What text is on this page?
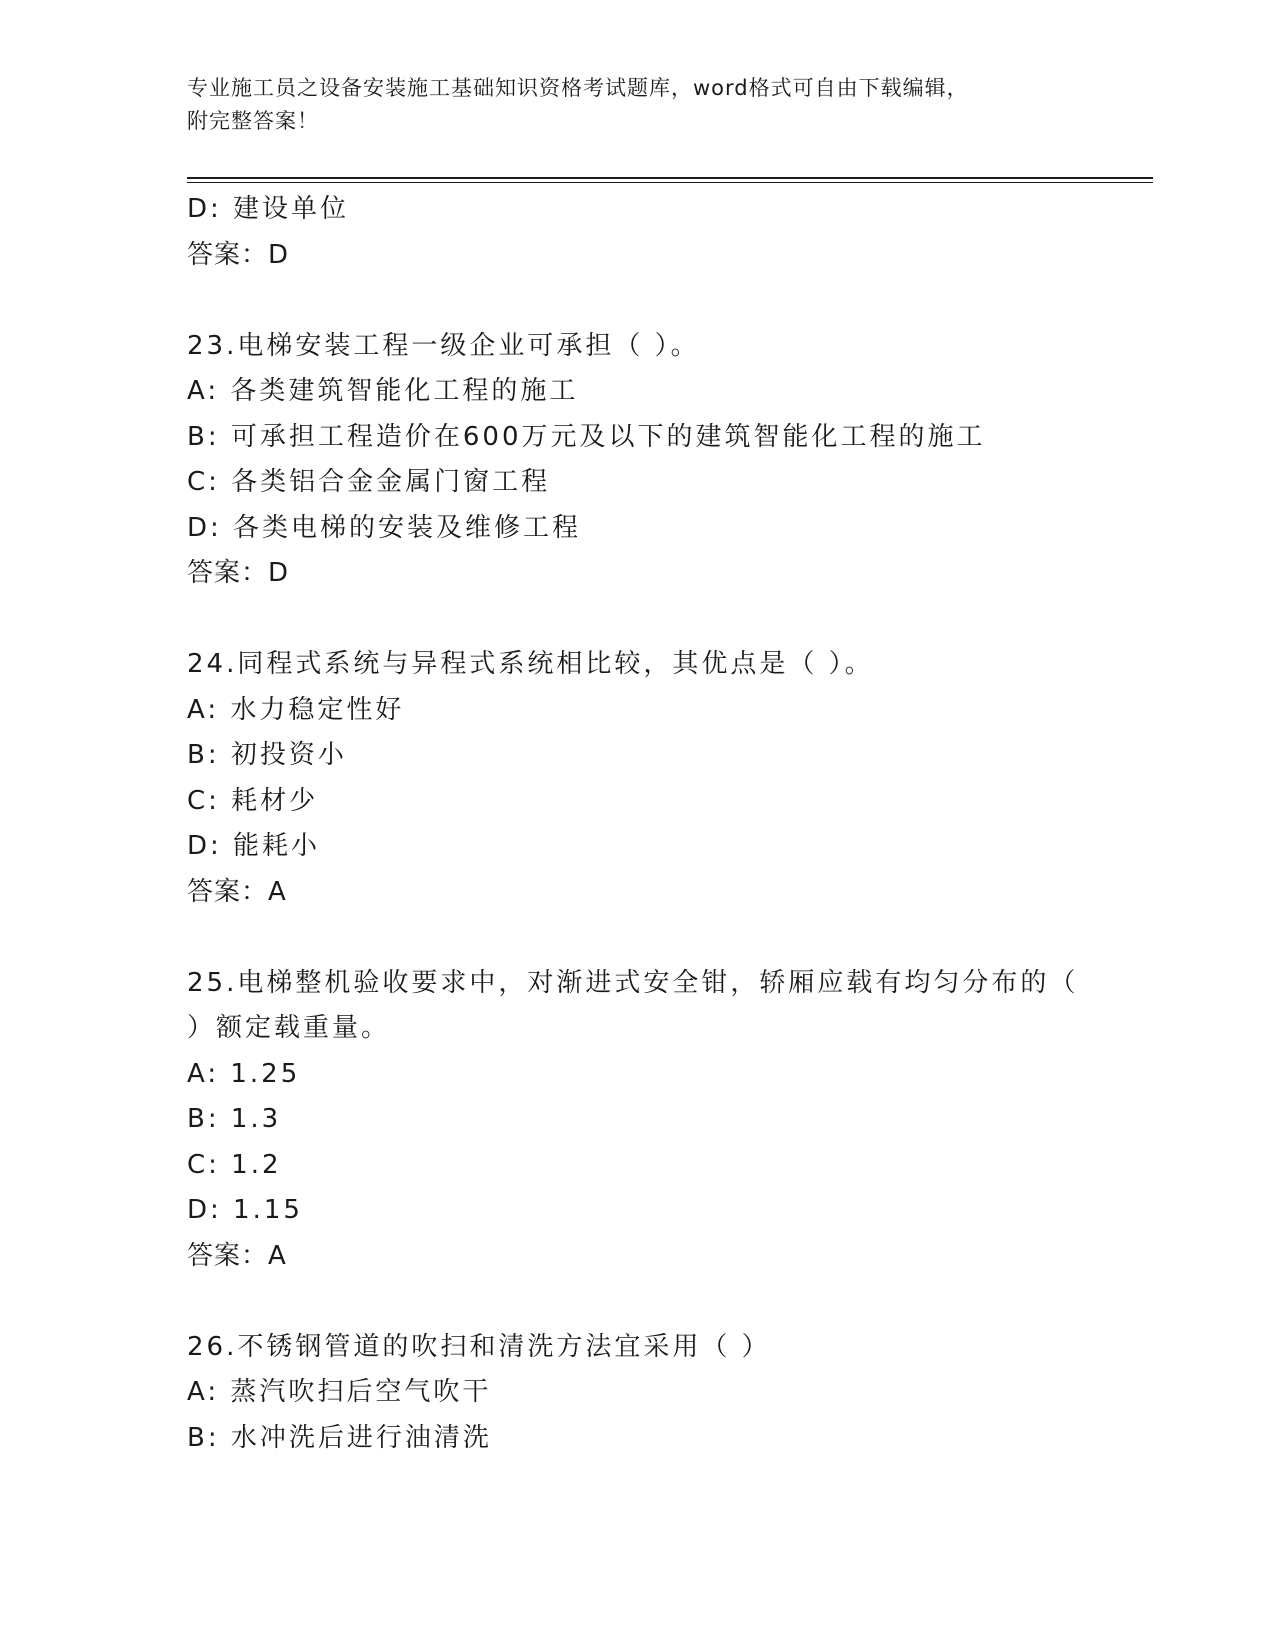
专业施工员之设备安装施工基础知识资格考试题库，word格式可自由下载编辑，
附完整答案！
D: 建设单位
答案：D
23.电梯安装工程一级企业可承担（ ）。
A: 各类建筑智能化工程的施工
B: 可承担工程造价在600万元及以下的建筑智能化工程的施工
C: 各类铝合金金属门窗工程
D: 各类电梯的安装及维修工程
答案：D
24.同程式系统与异程式系统相比较，其优点是（ ）。
A: 水力稳定性好
B: 初投资小
C: 耗材少
D: 能耗小
答案：A
25.电梯整机验收要求中，对渐进式安全钳，轿厢应载有均匀分布的（
）额定载重量。
A: 1.25
B: 1.3
C: 1.2
D: 1.15
答案：A
26.不锈钢管道的吹扫和清洗方法宜采用（ ）
A: 蒸汽吹扫后空气吹干
B: 水冲洗后进行油清洗
